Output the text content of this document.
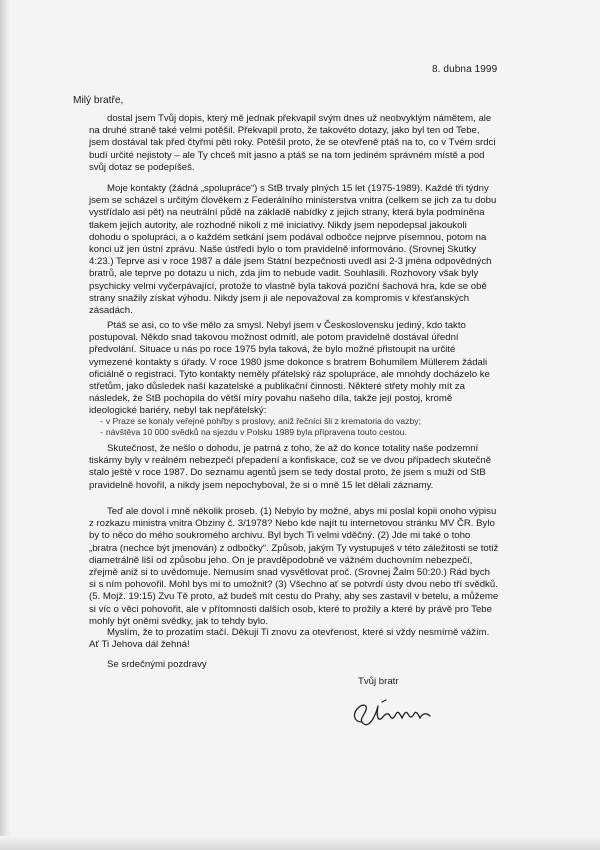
8. dubna 1999
Milý bratře,

dostal jsem Tvůj dopis, který mě jednak překvapil svým dnes už neobvyklým námětem, ale na druhé straně také velmi potěšil. Překvapil proto, že takovéto dotazy, jako byl ten od Tebe, jsem dostával tak před čtyřmi pěti roky. Potěšil proto, že se otevřeně ptáš na to, co v Tvém srdci budí určité nejistoty – ale Ty chceš mít jasno a ptáš se na tom jediném správném místě a pod svůj dotaz se podepíšeš.

Moje kontakty (žádná „spolupráce“) s StB trvaly plných 15 let (1975-1989). Každé tři týdny jsem se scházel s určitým člověkem z Federálního ministerstva vnitra (celkem se jich za tu dobu vystřídalo asi pět) na neutrální půdě na základě nabídky z jejich strany, která byla podmíněna tlakem jejich autority, ale rozhodně nikoli z mé iniciativy. Nikdy jsem nepodepsal jakoukoli dohodu o spolupráci, a o každém setkání jsem podával odbočce nejprve písemnou, potom na konci už jen ústní zprávu. Naše ústředí bylo o tom pravidelně informováno. (Srovnej Skutky 4:23.) Teprve asi v roce 1987 a dále jsem Státní bezpečnosti uvedl asi 2-3 jména odpovědných bratrů, ale teprve po dotazu u nich, zda jim to nebude vadit. Souhlasili. Rozhovory však byly psychicky velmi vyčerpávající, protože to vlastně byla taková poziční šachová hra, kde se obě strany snažily získat výhodu. Nikdy jsem ji ale nepovažoval za kompromis v křesťanských zásadách.

Ptáš se asi, co to vše mělo za smysl. Nebyl jsem v Československu jediný, kdo takto postupoval. Někdo snad takovou možnost odmítl, ale potom pravidelně dostával úřední předvolání. Situace u nás po roce 1975 byla taková, že bylo možné přistoupit na určité vymezené kontakty s úřady. V roce 1980 jsme dokonce s bratrem Bohumilem Müllerem žádali oficiálně o registraci. Tyto kontakty neměly přátelský ráz spolupráce, ale mnohdy docházelo ke střetům, jako důsledek naší kazatelské a publikační činnosti. Některé střety mohly mít za následek, že StB pochopila do větší míry povahu našeho díla, takže její postoj, kromě ideologické bariéry, nebyl tak nepřátelský:

- v Praze se konaly veřejné pohřby s proslovy, aniž řečníci šli z krematoria do vazby;
- návštěva 10 000 svědků na sjezdu v Polsku 1989 byla připravena touto cestou.

Skutečnost, že nešlo o dohodu, je patrná z toho, že až do konce totality naše podzemní tiskárny byly v reálném nebezpečí přepadení a konfiskace, což se ve dvou případech skutečně stalo ještě v roce 1987. Do seznamu agentů jsem se tedy dostal proto, že jsem s muži od StB pravidelně hovořil, a nikdy jsem nepochyboval, že si o mně 15 let dělali záznamy.

Teď ale dovol i mně několik proseb. (1) Nebylo by možné, abys mi poslal kopii onoho výpisu z rozkazu ministra vnitra Obziny č. 3/1978? Nebo kde najít tu internetovou stránku MV ČR. Bylo by to něco do mého soukromého archivu. Byl bych Ti velmi vděčný. (2) Jde mi také o toho „bratra (nechce být jmenován) z odbočky“. Způsob, jakým Ty vystupuješ v této záležitosti se totiž diametrálně liší od způsobu jeho. On je pravděpodobně ve vážném duchovním nebezpečí, zřejmě aniž si to uvědomuje. Nemusím snad vysvětlovat proč. (Srovnej Žalm 50:20.) Rád bych si s ním pohovořil. Mohl bys mi to umožnit? (3) Všechno ať se potvrdí ústy dvou nebo tří svědků. (5. Mojž. 19:15) Zvu Tě proto, až budeš mít cestu do Prahy, aby ses zastavil v betelu, a můžeme si víc o věci pohovořit, ale v přítomnosti dalších osob, které to prožily a které by právě pro Tebe mohly být oněmi svědky, jak to tehdy bylo.

Myslím, že to prozatím stačí. Děkuji Ti znovu za otevřenost, které si vždy nesmírně vážím. Ať Ti Jehova dál žehná!

Se srdečnými pozdravy
Tvůj bratr
